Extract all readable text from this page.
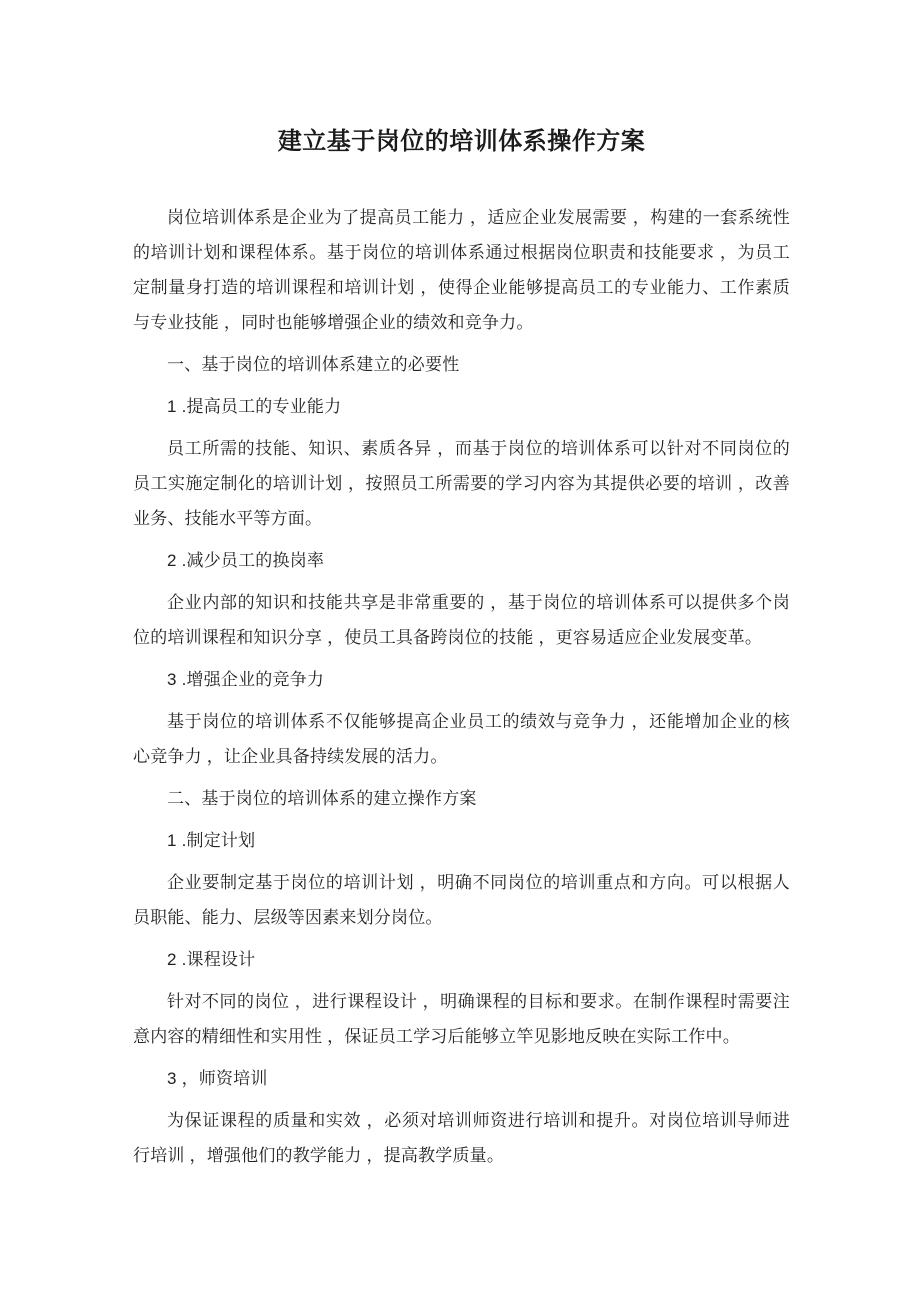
建立基于岗位的培训体系操作方案

岗位培训体系是企业为了提高员工能力 ，适应企业发展需要 ，构建的一套系统性的培训计划和课程体系。基于岗位的培训体系通过根据岗位职责和技能要求 ，为员工定制量身打造的培训课程和培训计划 ，使得企业能够提高员工的专业能力、工作素质与专业技能 ，同时也能够增强企业的绩效和竞争力。

一、基于岗位的培训体系建立的必要性

1 .提高员工的专业能力

员工所需的技能、知识、素质各异 ，而基于岗位的培训体系可以针对不同岗位的员工实施定制化的培训计划 ，按照员工所需要的学习内容为其提供必要的培训 ，改善业务、技能水平等方面。

2 .减少员工的换岗率

企业内部的知识和技能共享是非常重要的 ，基于岗位的培训体系可以提供多个岗位的培训课程和知识分享 ，使员工具备跨岗位的技能 ，更容易适应企业发展变革。

3 .增强企业的竞争力

基于岗位的培训体系不仅能够提高企业员工的绩效与竞争力 ，还能增加企业的核心竞争力 ，让企业具备持续发展的活力。

二、基于岗位的培训体系的建立操作方案

1 .制定计划

企业要制定基于岗位的培训计划 ，明确不同岗位的培训重点和方向。可以根据人员职能、能力、层级等因素来划分岗位。

2 .课程设计

针对不同的岗位 ，进行课程设计 ，明确课程的目标和要求。在制作课程时需要注意内容的精细性和实用性 ，保证员工学习后能够立竿见影地反映在实际工作中。

3 ，师资培训

为保证课程的质量和实效 ，必须对培训师资进行培训和提升。对岗位培训导师进行培训 ，增强他们的教学能力 ，提高教学质量。
